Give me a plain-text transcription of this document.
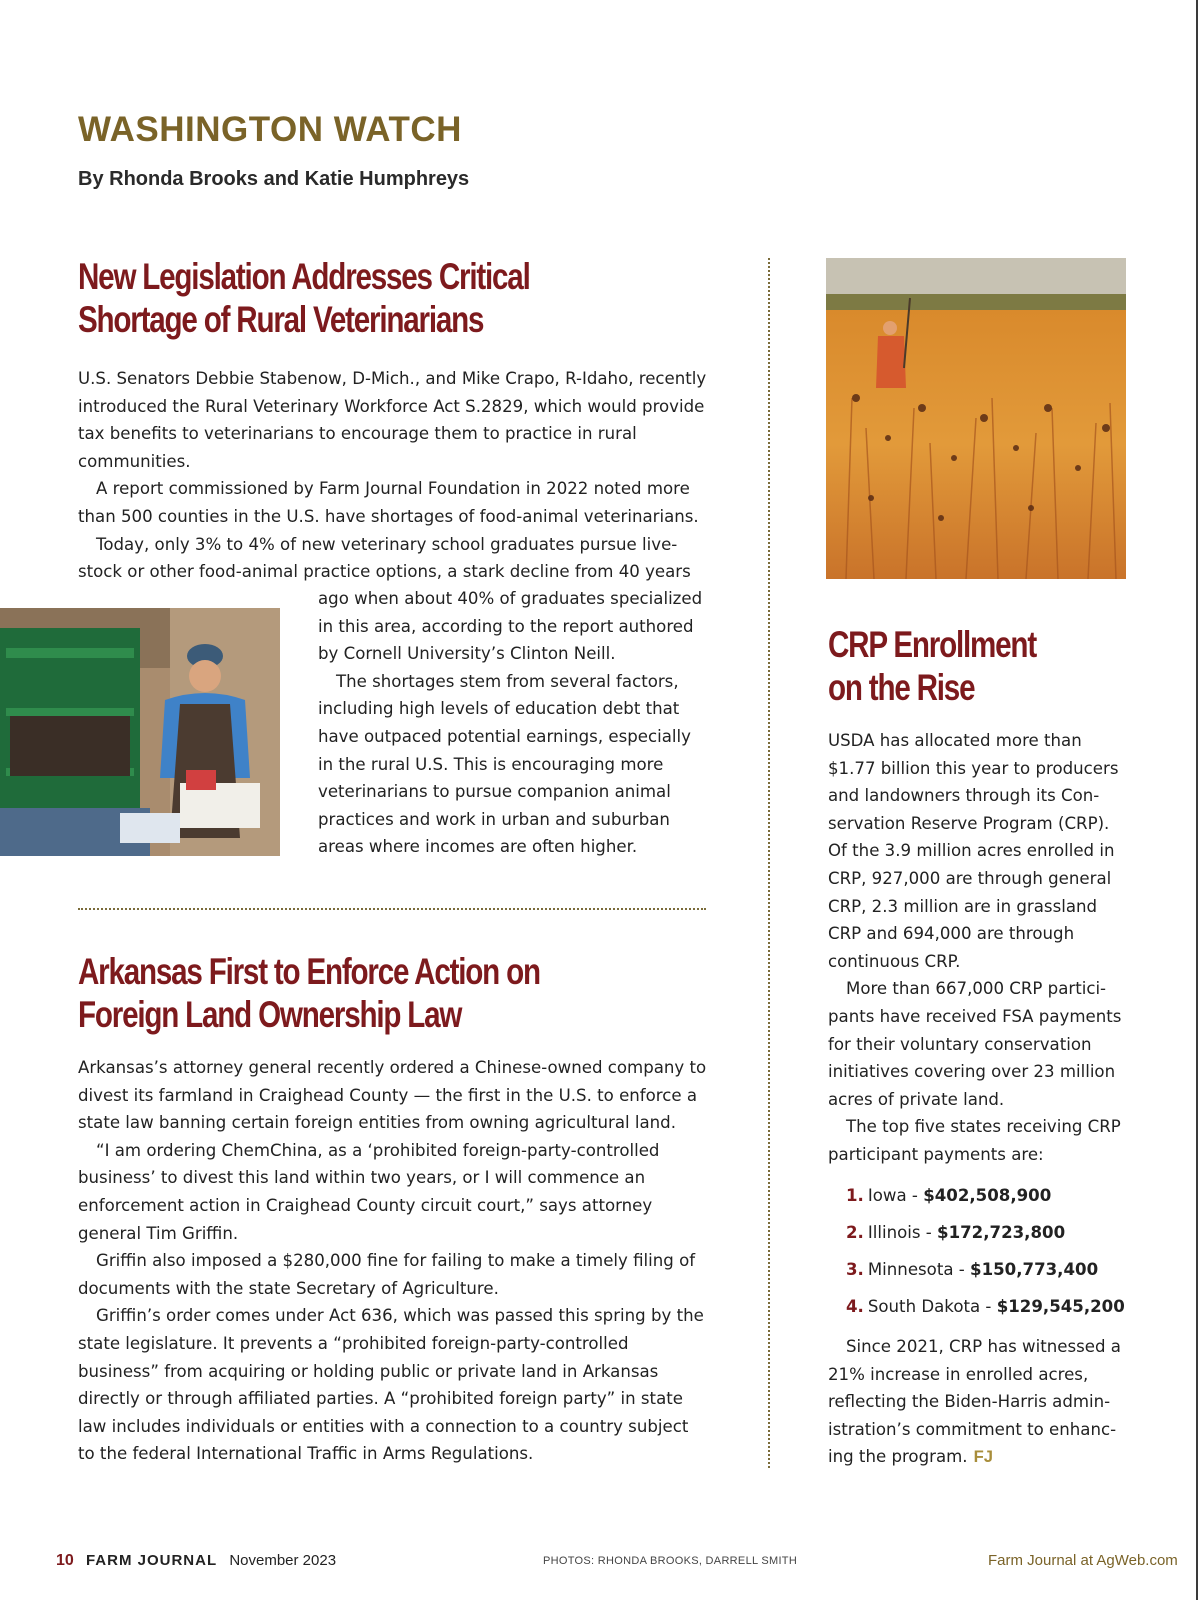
WASHINGTON WATCH

By Rhonda Brooks and Katie Humphreys

New Legislation Addresses Critical
Shortage of Rural Veterinarians

U.S. Senators Debbie Stabenow, D-Mich., and Mike Crapo, R-Idaho, recently introduced the Rural Veterinary Workforce Act S.2829, which would provide tax benefits to veterinarians to encourage them to practice in rural communities.

A report commissioned by Farm Journal Foundation in 2022 noted more than 500 counties in the U.S. have shortages of food-animal veterinarians.

Today, only 3% to 4% of new veterinary school graduates pursue live-stock or other food-animal practice options, a stark decline from 40 years

ago when about 40% of graduates specialized in this area, according to the report authored by Cornell University’s Clinton Neill.

The shortages stem from several factors, including high levels of education debt that have outpaced potential earnings, especially in the rural U.S. This is encouraging more veterinarians to pursue companion animal practices and work in urban and suburban areas where incomes are often higher.

Arkansas First to Enforce Action on
Foreign Land Ownership Law

Arkansas’s attorney general recently ordered a Chinese-owned company to divest its farmland in Craighead County — the first in the U.S. to enforce a state law banning certain foreign entities from owning agricultural land.

“I am ordering ChemChina, as a ‘prohibited foreign-party-controlled business’ to divest this land within two years, or I will commence an enforcement action in Craighead County circuit court,” says attorney general Tim Griffin.

Griffin also imposed a $280,000 fine for failing to make a timely filing of documents with the state Secretary of Agriculture.

Griffin’s order comes under Act 636, which was passed this spring by the state legislature. It prevents a “prohibited foreign-party-controlled business” from acquiring or holding public or private land in Arkansas directly or through affiliated parties. A “prohibited foreign party” in state law includes individuals or entities with a connection to a country subject to the federal International Traffic in Arms Regulations.

CRP Enrollment
on the Rise

USDA has allocated more than $1.77 billion this year to producers and landowners through its Con-servation Reserve Program (CRP). Of the 3.9 million acres enrolled in CRP, 927,000 are through general CRP, 2.3 million are in grassland CRP and 694,000 are through continuous CRP.

More than 667,000 CRP partici-pants have received FSA payments for their voluntary conservation initiatives covering over 23 million acres of private land.

The top five states receiving CRP participant payments are:

1. Iowa - $402,508,900
2. Illinois - $172,723,800
3. Minnesota - $150,773,400
4. South Dakota - $129,545,200

Since 2021, CRP has witnessed a 21% increase in enrolled acres, reflecting the Biden-Harris admin-istration’s commitment to enhanc-ing the program. FJ

10 FARM JOURNAL November 2023	PHOTOS: RHONDA BROOKS, DARRELL SMITH	Farm Journal at AgWeb.com
